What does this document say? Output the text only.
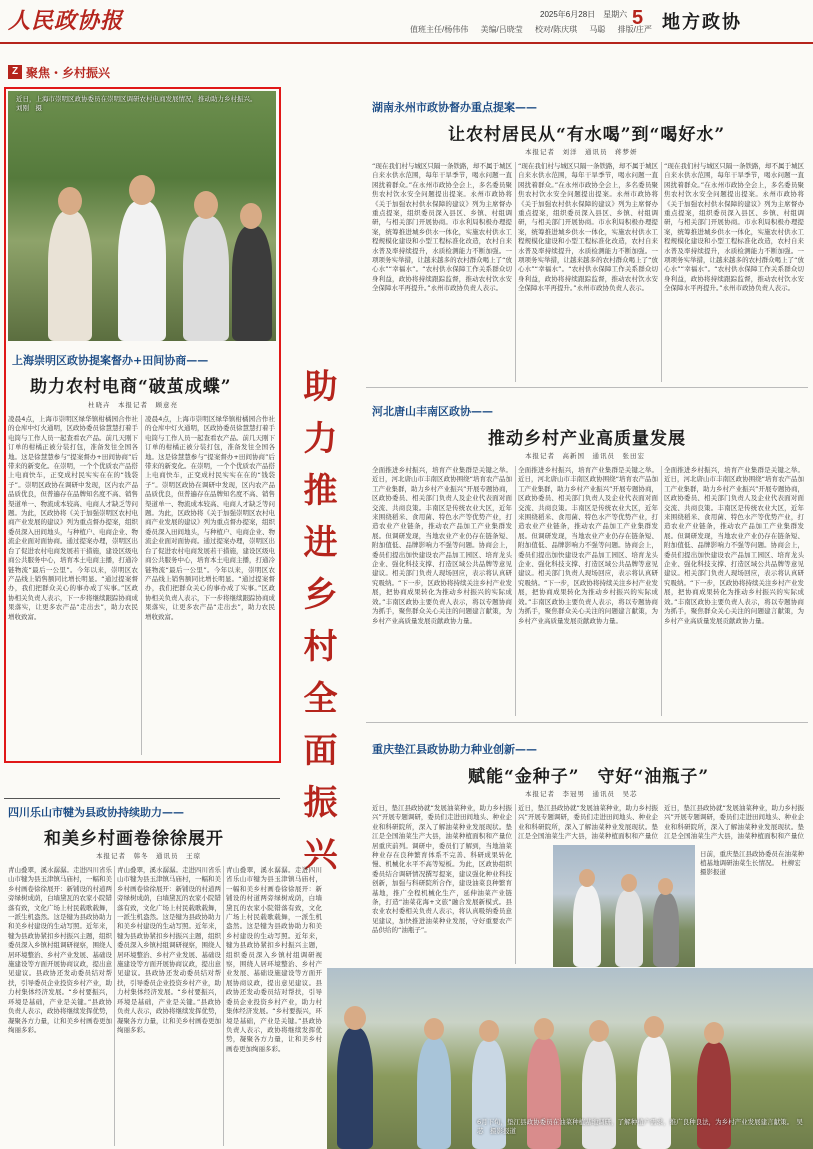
人民政协报	值班主任/杨伟伟 美编/吕晓莹 校对/陈庆琪 马聪 排版/庄严
2025年6月28日　星期六 5 地方政协
Z 聚焦・乡村振兴
近日，上海市崇明区政协委员在崇明区调研农村电商发展情况，推动助力乡村振兴。　刘刚　摄
上海崇明区政协提案督办+田间协商——
助力农村电商“破茧成蝶”
杜晓卉　本报记者　顾意亮
凌晨4点，上海市崇明区绿华镇柑橘园合作社的仓库中灯火通明，区政协委员徐慧慧打着手电筒与工作人员一起查看农产品。前几天刚下订单的柑橘正被分装打包，准备发往全国各地。这是徐慧慧参与“提案督办+田间协商”后带来的新变化。在崇明，一个个优质农产品搭上电商快车，正变成村民实实在在的“钱袋子”。崇明区政协在调研中发现，区内农产品品质优良，但普遍存在品牌知名度不高、销售渠道单一、物流成本较高、电商人才缺乏等问题。为此，区政协将《关于加强崇明区农村电商产业发展的建议》列为重点督办提案，组织委员深入田间地头，与种植户、电商企业、物流企业面对面协商。通过提案办理，崇明区出台了促进农村电商发展若干措施，建设区级电商公共服务中心，培育本土电商主播，打通冷链物流“最后一公里”。今年以来，崇明区农产品线上销售额同比增长明显。“通过提案督办，我们把群众关心的事办成了实事。”区政协相关负责人表示，下一步将继续跟踪协商成果落实，让更多农产品“走出去”，助力农民增收致富。
凌晨4点，上海市崇明区绿华镇柑橘园合作社的仓库中灯火通明，区政协委员徐慧慧打着手电筒与工作人员一起查看农产品。前几天刚下订单的柑橘正被分装打包，准备发往全国各地。这是徐慧慧参与“提案督办+田间协商”后带来的新变化。在崇明，一个个优质农产品搭上电商快车，正变成村民实实在在的“钱袋子”。崇明区政协在调研中发现，区内农产品品质优良，但普遍存在品牌知名度不高、销售渠道单一、物流成本较高、电商人才缺乏等问题。为此，区政协将《关于加强崇明区农村电商产业发展的建议》列为重点督办提案，组织委员深入田间地头，与种植户、电商企业、物流企业面对面协商。通过提案办理，崇明区出台了促进农村电商发展若干措施，建设区级电商公共服务中心，培育本土电商主播，打通冷链物流“最后一公里”。今年以来，崇明区农产品线上销售额同比增长明显。“通过提案督办，我们把群众关心的事办成了实事。”区政协相关负责人表示，下一步将继续跟踪协商成果落实，让更多农产品“走出去”，助力农民增收致富。	助力推进乡村全面振兴
湖南永州市政协督办重点提案——
让农村居民从“有水喝”到“喝好水”
本报记者　刘洋　通讯员　蒋梦妍
“现在我们村与城区只隔一条铁路，却不属于城区自来水供水范围，每年干旱季节，喝水问题一直困扰着群众。”在永州市政协全会上，多名委员聚焦农村饮水安全问题提出提案。永州市政协将《关于加强农村供水保障的建议》列为主席督办重点提案，组织委员深入县区、乡镇、村组调研，与相关部门开展协商。市水利局积极办理提案，统筹推进城乡供水一体化，实施农村供水工程规模化建设和小型工程标准化改造，农村自来水普及率持续提升，水质检测能力不断加强。一项项务实举措，让越来越多的农村群众喝上了“放心水”“幸福水”。“农村供水保障工作关系群众切身利益，政协将持续跟踪监督，推动农村饮水安全保障水平再提升。”永州市政协负责人表示。
“现在我们村与城区只隔一条铁路，却不属于城区自来水供水范围，每年干旱季节，喝水问题一直困扰着群众。”在永州市政协全会上，多名委员聚焦农村饮水安全问题提出提案。永州市政协将《关于加强农村供水保障的建议》列为主席督办重点提案，组织委员深入县区、乡镇、村组调研，与相关部门开展协商。市水利局积极办理提案，统筹推进城乡供水一体化，实施农村供水工程规模化建设和小型工程标准化改造，农村自来水普及率持续提升，水质检测能力不断加强。一项项务实举措，让越来越多的农村群众喝上了“放心水”“幸福水”。“农村供水保障工作关系群众切身利益，政协将持续跟踪监督，推动农村饮水安全保障水平再提升。”永州市政协负责人表示。
“现在我们村与城区只隔一条铁路，却不属于城区自来水供水范围，每年干旱季节，喝水问题一直困扰着群众。”在永州市政协全会上，多名委员聚焦农村饮水安全问题提出提案。永州市政协将《关于加强农村供水保障的建议》列为主席督办重点提案，组织委员深入县区、乡镇、村组调研，与相关部门开展协商。市水利局积极办理提案，统筹推进城乡供水一体化，实施农村供水工程规模化建设和小型工程标准化改造，农村自来水普及率持续提升，水质检测能力不断加强。一项项务实举措，让越来越多的农村群众喝上了“放心水”“幸福水”。“农村供水保障工作关系群众切身利益，政协将持续跟踪监督，推动农村饮水安全保障水平再提升。”永州市政协负责人表示。
河北唐山丰南区政协——
推动乡村产业高质量发展
本报记者　高新国　通讯员　张田宏
全面推进乡村振兴，培育产业集群是关键之举。近日，河北唐山市丰南区政协围绕“培育农产品加工产业集群，助力乡村产业振兴”开展专题协商，区政协委员、相关部门负责人及企业代表面对面交流、共商良策。丰南区是传统农业大区，近年来围绕稻米、食用菌、特色水产等优势产业，打造农业产业链条，推动农产品加工产业集群发展。但调研发现，当地农业产业仍存在链条短、附加值低、品牌影响力不强等问题。协商会上，委员们提出加快建设农产品加工园区、培育龙头企业、强化科技支撑、打造区域公共品牌等意见建议。相关部门负责人现场回应，表示将认真研究吸纳。“下一步，区政协将持续关注乡村产业发展，把协商成果转化为推动乡村振兴的实际成效。”丰南区政协主要负责人表示，将以专题协商为抓手，聚焦群众关心关注的问题建言献策，为乡村产业高质量发展贡献政协力量。
全面推进乡村振兴，培育产业集群是关键之举。近日，河北唐山市丰南区政协围绕“培育农产品加工产业集群，助力乡村产业振兴”开展专题协商，区政协委员、相关部门负责人及企业代表面对面交流、共商良策。丰南区是传统农业大区，近年来围绕稻米、食用菌、特色水产等优势产业，打造农业产业链条，推动农产品加工产业集群发展。但调研发现，当地农业产业仍存在链条短、附加值低、品牌影响力不强等问题。协商会上，委员们提出加快建设农产品加工园区、培育龙头企业、强化科技支撑、打造区域公共品牌等意见建议。相关部门负责人现场回应，表示将认真研究吸纳。“下一步，区政协将持续关注乡村产业发展，把协商成果转化为推动乡村振兴的实际成效。”丰南区政协主要负责人表示，将以专题协商为抓手，聚焦群众关心关注的问题建言献策，为乡村产业高质量发展贡献政协力量。
全面推进乡村振兴，培育产业集群是关键之举。近日，河北唐山市丰南区政协围绕“培育农产品加工产业集群，助力乡村产业振兴”开展专题协商，区政协委员、相关部门负责人及企业代表面对面交流、共商良策。丰南区是传统农业大区，近年来围绕稻米、食用菌、特色水产等优势产业，打造农业产业链条，推动农产品加工产业集群发展。但调研发现，当地农业产业仍存在链条短、附加值低、品牌影响力不强等问题。协商会上，委员们提出加快建设农产品加工园区、培育龙头企业、强化科技支撑、打造区域公共品牌等意见建议。相关部门负责人现场回应，表示将认真研究吸纳。“下一步，区政协将持续关注乡村产业发展，把协商成果转化为推动乡村振兴的实际成效。”丰南区政协主要负责人表示，将以专题协商为抓手，聚焦群众关心关注的问题建言献策，为乡村产业高质量发展贡献政协力量。
重庆垫江县政协助力种业创新——
赋能“金种子”　守好“油瓶子”
本报记者　李冠男　通讯员　吴芯
近日，垫江县政协就“发展油菜种业，助力乡村振兴”开展专题调研，委员们走进田间地头、种业企业和科研院所，深入了解油菜种业发展现状。垫江是全国油菜生产大县，油菜种植面积和产量位居重庆前列。调研中，委员们了解到，当地油菜种业存在良种繁育体系不完善、科研成果转化慢、机械化水平不高等短板。为此，区政协组织委员结合调研情况撰写提案，建议强化种业科技创新，加强与科研院所合作，建设油菜良种繁育基地，推广全程机械化生产，延伸油菜产业链条，打造“油菜花海+文旅”融合发展新模式。县农业农村委相关负责人表示，将认真吸纳委员意见建议，加快推进油菜种业发展，守好重要农产品供给的“油瓶子”。
近日，垫江县政协就“发展油菜种业，助力乡村振兴”开展专题调研，委员们走进田间地头、种业企业和科研院所，深入了解油菜种业发展现状。垫江是全国油菜生产大县，油菜种植面积和产量位
近日，垫江县政协就“发展油菜种业，助力乡村振兴”开展专题调研，委员们走进田间地头、种业企业和科研院所，深入了解油菜种业发展现状。垫江是全国油菜生产大县，油菜种植面积和产量位
日前，重庆垫江县政协委员在油菜种植基地调研油菜生长情况。　杜柳宏　摄影报道
四川乐山市犍为县政协持续助力——
和美乡村画卷徐徐展开
本报记者　韩冬　通讯员　王琼
青山叠翠，溪水潺潺。走进四川省乐山市犍为县玉津镇马庙村，一幅和美乡村画卷徐徐展开：新铺设的村道两旁绿树成荫，白墙黛瓦的农家小院错落有致，文化广场上村民载歌载舞，一派生机盎然。这是犍为县政协助力和美乡村建设的生动写照。近年来，犍为县政协紧扣乡村振兴主题，组织委员深入乡镇村组调研视察，围绕人居环境整治、乡村产业发展、基础设施建设等方面开展协商议政，提出意见建议。县政协还发动委员结对帮扶，引导委员企业投资乡村产业，助力村集体经济发展。“乡村要振兴，环境是基础，产业是关键。”县政协负责人表示，政协将继续发挥优势，凝聚各方力量，让和美乡村画卷更加绚丽多彩。
青山叠翠，溪水潺潺。走进四川省乐山市犍为县玉津镇马庙村，一幅和美乡村画卷徐徐展开：新铺设的村道两旁绿树成荫，白墙黛瓦的农家小院错落有致，文化广场上村民载歌载舞，一派生机盎然。这是犍为县政协助力和美乡村建设的生动写照。近年来，犍为县政协紧扣乡村振兴主题，组织委员深入乡镇村组调研视察，围绕人居环境整治、乡村产业发展、基础设施建设等方面开展协商议政，提出意见建议。县政协还发动委员结对帮扶，引导委员企业投资乡村产业，助力村集体经济发展。“乡村要振兴，环境是基础，产业是关键。”县政协负责人表示，政协将继续发挥优势，凝聚各方力量，让和美乡村画卷更加绚丽多彩。
青山叠翠，溪水潺潺。走进四川省乐山市犍为县玉津镇马庙村，一幅和美乡村画卷徐徐展开：新铺设的村道两旁绿树成荫，白墙黛瓦的农家小院错落有致，文化广场上村民载歌载舞，一派生机盎然。这是犍为县政协助力和美乡村建设的生动写照。近年来，犍为县政协紧扣乡村振兴主题，组织委员深入乡镇村组调研视察，围绕人居环境整治、乡村产业发展、基础设施建设等方面开展协商议政，提出意见建议。县政协还发动委员结对帮扶，引导委员企业投资乡村产业，助力村集体经济发展。“乡村要振兴，环境是基础，产业是关键。”县政协负责人表示，政协将继续发挥优势，凝聚各方力量，让和美乡村画卷更加绚丽多彩。
6月下旬，垫江县政协委员在油菜种植基地调研，了解种植户需求，推广良种良法，为乡村产业发展建言献策。　吴芯　摄影报道
